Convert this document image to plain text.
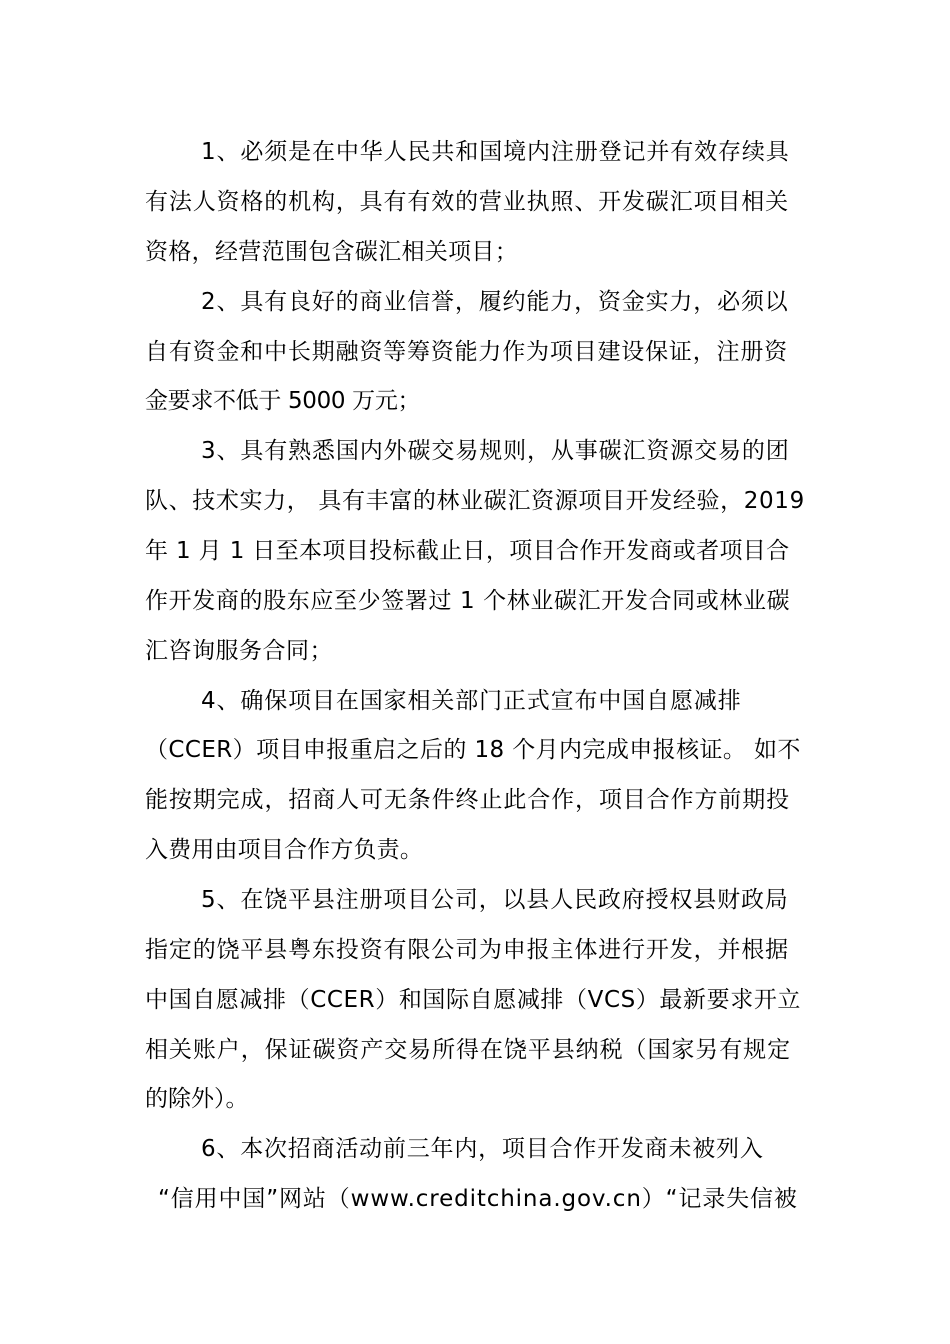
1、必须是在中华人民共和国境内注册登记并有效存续具
有法人资格的机构，具有有效的营业执照、开发碳汇项目相关
资格，经营范围包含碳汇相关项目；
2、具有良好的商业信誉，履约能力，资金实力，必须以
自有资金和中长期融资等筹资能力作为项目建设保证，注册资
金要求不低于 5000 万元；
3、具有熟悉国内外碳交易规则，从事碳汇资源交易的团
队、技术实力， 具有丰富的林业碳汇资源项目开发经验，2019
年 1 月 1 日至本项目投标截止日，项目合作开发商或者项目合
作开发商的股东应至少签署过 1 个林业碳汇开发合同或林业碳
汇咨询服务合同；
4、确保项目在国家相关部门正式宣布中国自愿减排
（CCER）项目申报重启之后的 18 个月内完成申报核证。 如不
能按期完成，招商人可无条件终止此合作，项目合作方前期投
入费用由项目合作方负责。
5、在饶平县注册项目公司，以县人民政府授权县财政局
指定的饶平县粤东投资有限公司为申报主体进行开发，并根据
中国自愿减排（CCER）和国际自愿减排（VCS）最新要求开立
相关账户，保证碳资产交易所得在饶平县纳税（国家另有规定
的除外）。
6、本次招商活动前三年内，项目合作开发商未被列入
“信用中国”网站（www.creditchina.gov.cn）“记录失信被
